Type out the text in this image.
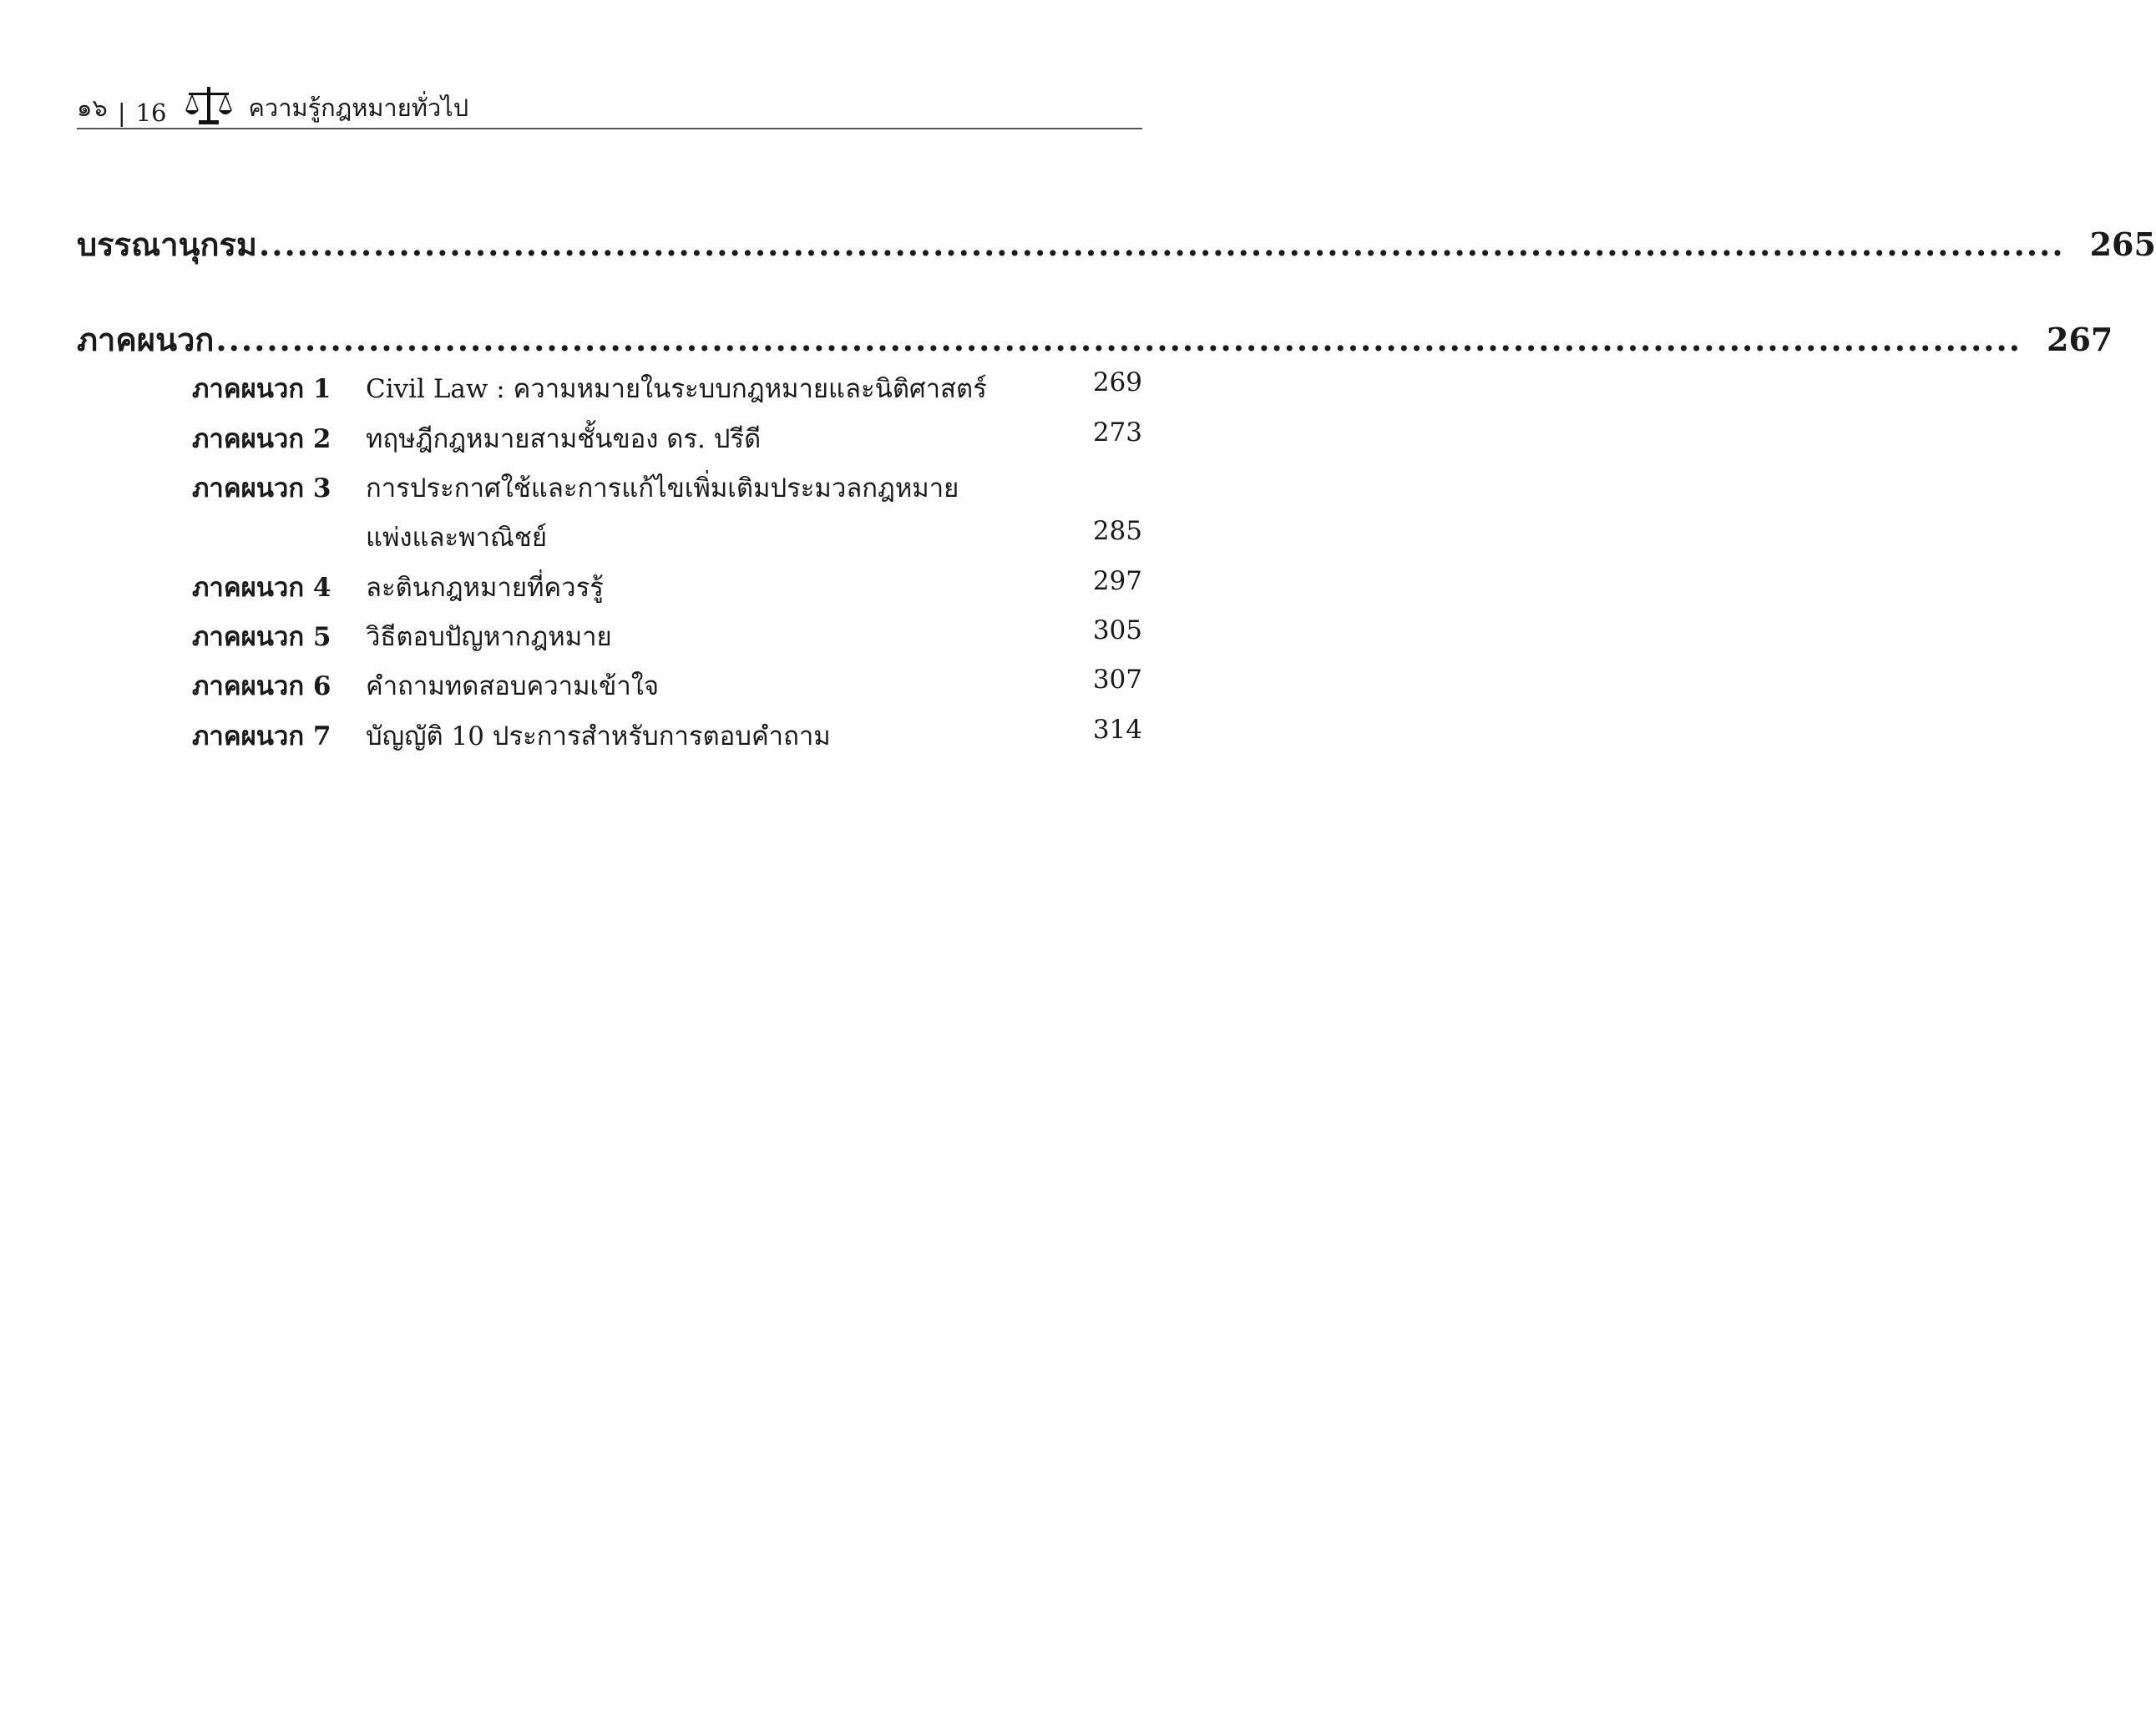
๑๖ | 16	ความรู้กฎหมายทั่วไป
บรรณานุกรม .............................................................................................................................................. 265
ภาคผนวก .............................................................................................................................................. 267
ภาคผนวก 1 Civil Law : ความหมายในระบบกฎหมายและนิติศาสตร์	269
ภาคผนวก 2 ทฤษฎีกฎหมายสามชั้นของ ดร. ปรีดี	273
ภาคผนวก 3 การประกาศใช้และการแก้ไขเพิ่มเติมประมวลกฎหมาย
แพ่งและพาณิชย์	285
ภาคผนวก 4 ละตินกฎหมายที่ควรรู้	297
ภาคผนวก 5 วิธีตอบปัญหากฎหมาย	305
ภาคผนวก 6 คำถามทดสอบความเข้าใจ	307
ภาคผนวก 7 บัญญัติ 10 ประการสำหรับการตอบคำถาม	314
